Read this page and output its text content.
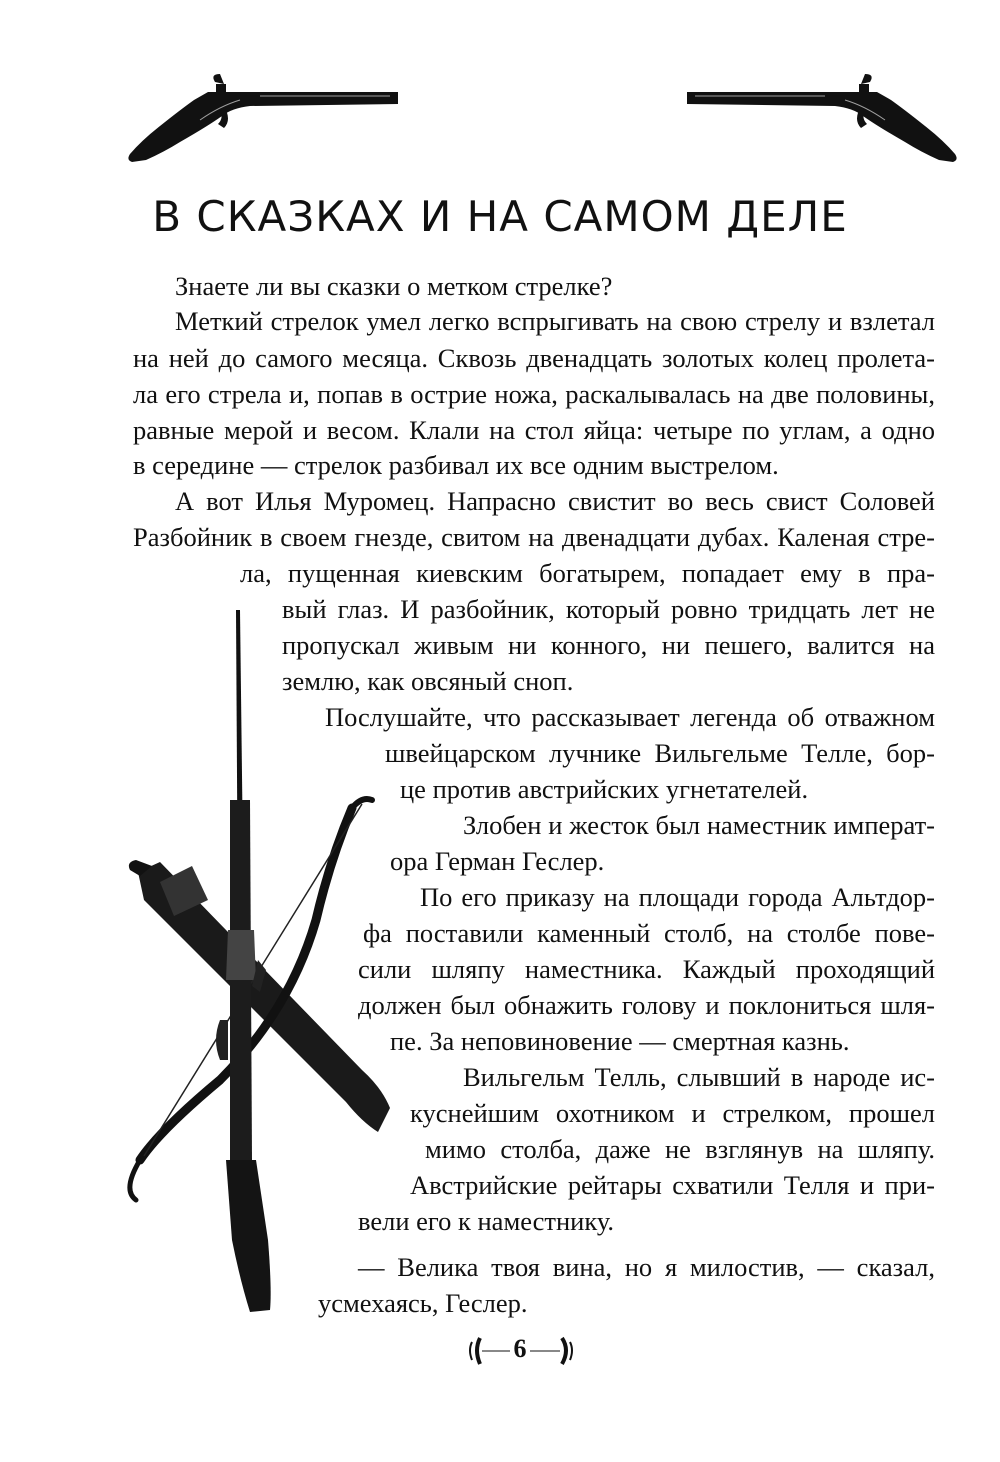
В СКАЗКАХ И НА САМОМ ДЕЛЕ
Знаете ли вы сказки о метком стрелке?
Меткий стрелок умел легко вспрыгивать на свою стрелу и взлетал
на ней до самого месяца. Сквозь двенадцать золотых колец пролета-
ла его стрела и, попав в острие ножа, раскалывалась на две половины,
равные мерой и весом. Клали на стол яйца: четыре по углам, а одно
в середине — стрелок разбивал их все одним выстрелом.
А вот Илья Муромец. Напрасно свистит во весь свист Соловей
Разбойник в своем гнезде, свитом на двенадцати дубах. Каленая стре-
ла, пущенная киевским богатырем, попадает ему в пра-
вый глаз. И разбойник, который ровно тридцать лет не
пропускал живым ни конного, ни пешего, валится на
землю, как овсяный сноп.
Послушайте, что рассказывает легенда об отважном
швейцарском лучнике Вильгельме Телле, бор-
це против австрийских угнетателей.
Злобен и жесток был наместник императ-
ора Герман Геслер.
По его приказу на площади города Альтдор-
фа поставили каменный столб, на столбе пове-
сили шляпу наместника. Каждый проходящий
должен был обнажить голову и поклониться шля-
пе. За неповиновение — смертная казнь.
Вильгельм Телль, слывший в народе ис-
куснейшим охотником и стрелком, прошел
мимо столба, даже не взглянув на шляпу.
Австрийские рейтары схватили Телля и при-
вели его к наместнику.
— Велика твоя вина, но я милостив, — сказал,
усмехаясь, Геслер.
6
